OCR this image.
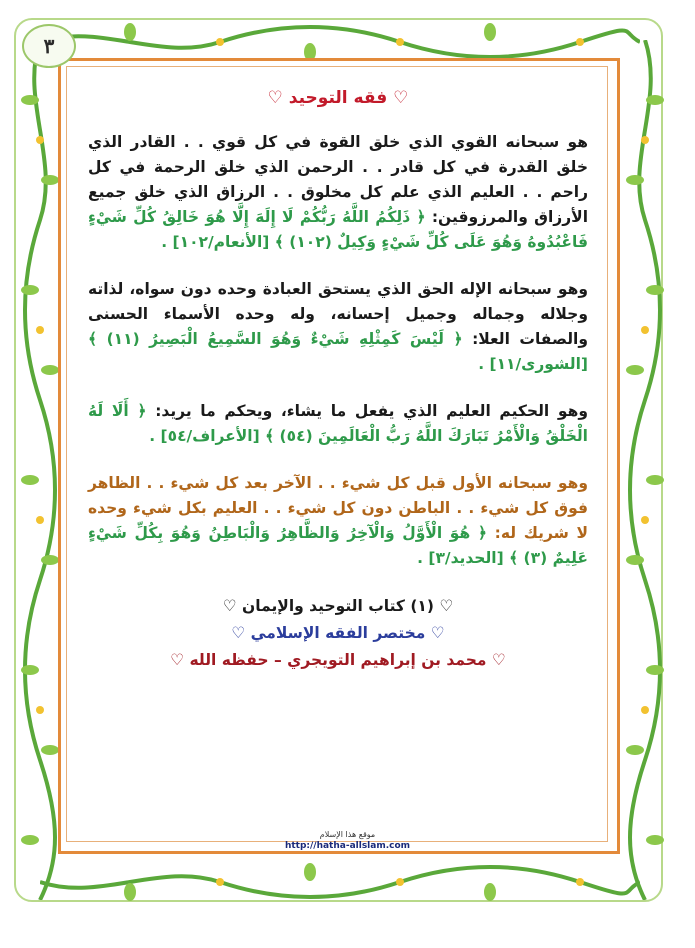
٣
♡ فقه التوحيد ♡

هو سبحانه القوي الذي خلق القوة في كل قوي . . القادر الذي خلق القدرة في كل قادر . . الرحمن الذي خلق الرحمة في كل راحم . . العليم الذي علم كل مخلوق . . الرزاق الذي خلق جميع الأرزاق والمرزوقين: ﴿ ذَلِكُمُ اللَّهُ رَبُّكُمْ لَا إِلَهَ إِلَّا هُوَ خَالِقُ كُلِّ شَيْءٍ فَاعْبُدُوهُ وَهُوَ عَلَى كُلِّ شَيْءٍ وَكِيلٌ (١٠٢) ﴾ [الأنعام/١٠٢] .

وهو سبحانه الإله الحق الذي يستحق العبادة وحده دون سواه، لذاته وجلاله وجماله وجميل إحسانه، وله وحده الأسماء الحسنى والصفات العلا: ﴿ لَيْسَ كَمِثْلِهِ شَيْءٌ وَهُوَ السَّمِيعُ الْبَصِيرُ (١١) ﴾ [الشورى/١١] .

وهو الحكيم العليم الذي يفعل ما يشاء، ويحكم ما يريد: ﴿ أَلَا لَهُ الْخَلْقُ وَالْأَمْرُ تَبَارَكَ اللَّهُ رَبُّ الْعَالَمِينَ (٥٤) ﴾ [الأعراف/٥٤] .

وهو سبحانه الأول قبل كل شيء . . الآخر بعد كل شيء . . الظاهر فوق كل شيء . . الباطن دون كل شيء . . العليم بكل شيء وحده لا شريك له: ﴿ هُوَ الْأَوَّلُ وَالْآخِرُ وَالظَّاهِرُ وَالْبَاطِنُ وَهُوَ بِكُلِّ شَيْءٍ عَلِيمٌ (٣) ﴾ [الحديد/٣] .

♡ (١) كتاب التوحيد والإيمان ♡
♡ مختصر الفقه الإسلامي ♡
♡ محمد بن إبراهيم التويجري – حفظه الله ♡
موقع هذا الإسلام
http://hatha-allslam.com
